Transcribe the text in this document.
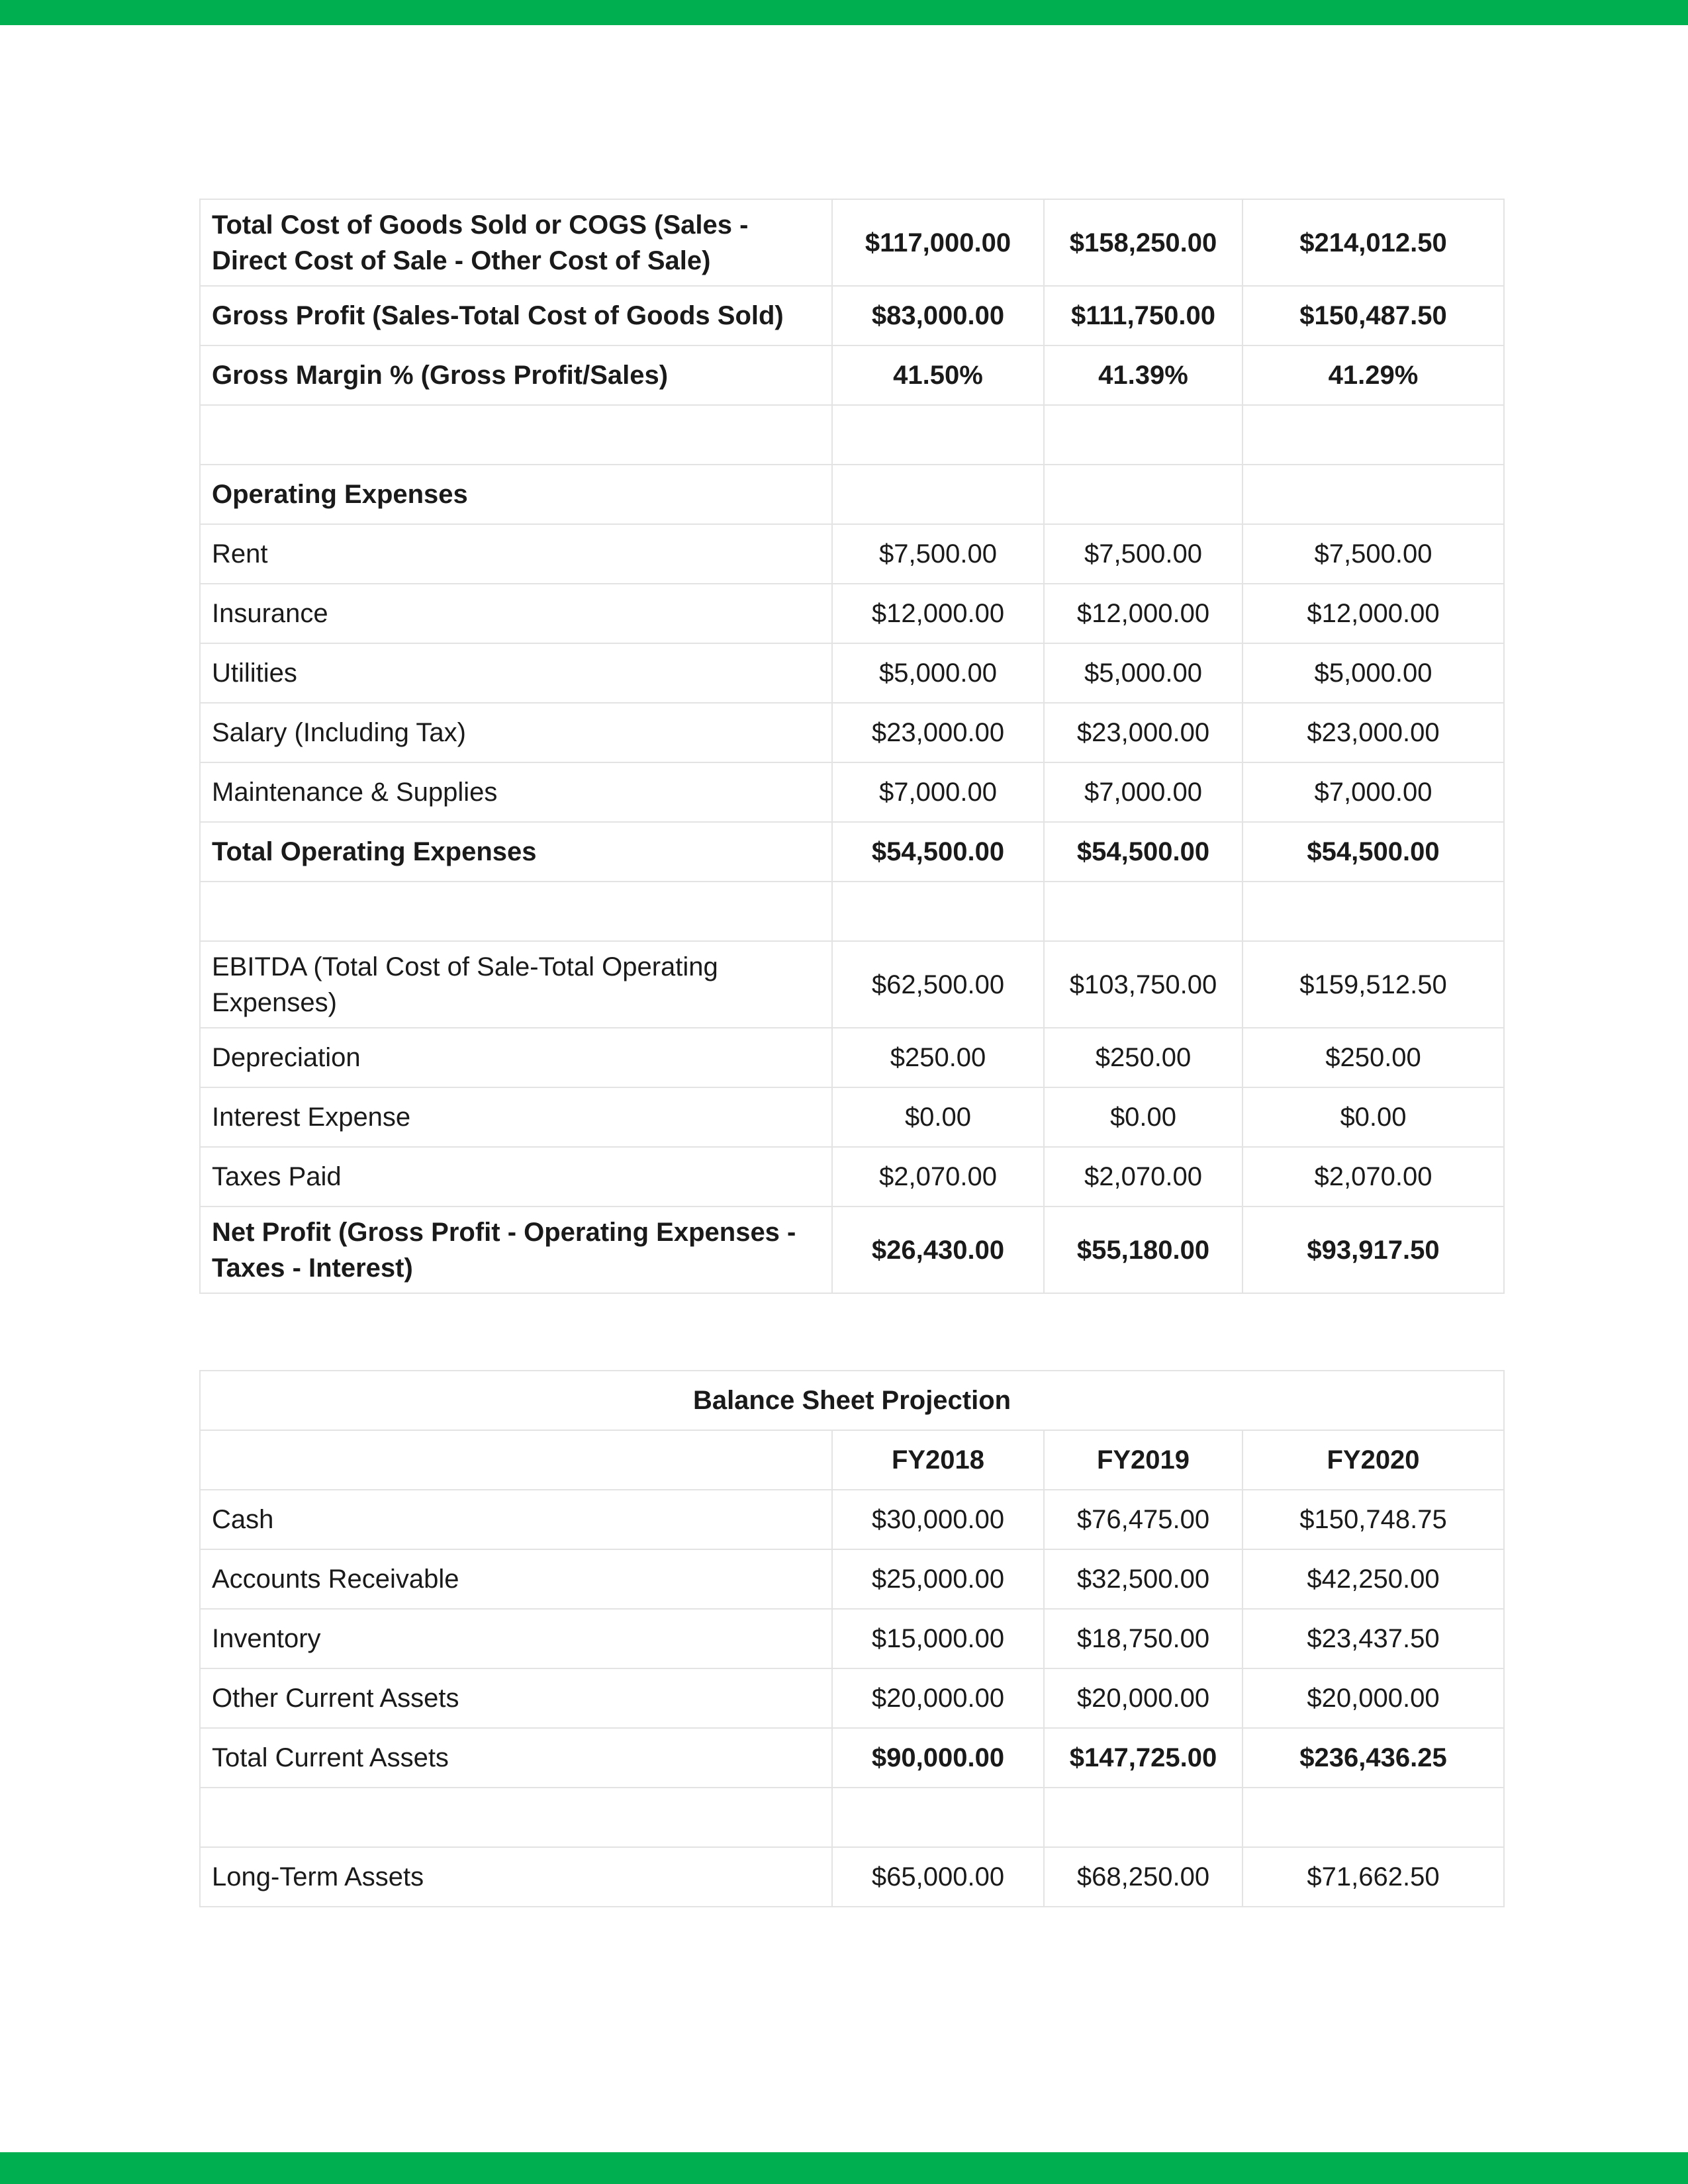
Total Cost of Goods Sold or COGS (Sales - Direct Cost of Sale - Other Cost of Sale)	$117,000.00	$158,250.00	$214,012.50
Gross Profit (Sales-Total Cost of Goods Sold)	$83,000.00	$111,750.00	$150,487.50
Gross Margin % (Gross Profit/Sales)	41.50%	41.39%	41.29%

Operating Expenses			
Rent	$7,500.00	$7,500.00	$7,500.00
Insurance	$12,000.00	$12,000.00	$12,000.00
Utilities	$5,000.00	$5,000.00	$5,000.00
Salary (Including Tax)	$23,000.00	$23,000.00	$23,000.00
Maintenance & Supplies	$7,000.00	$7,000.00	$7,000.00
Total Operating Expenses	$54,500.00	$54,500.00	$54,500.00

EBITDA (Total Cost of Sale-Total Operating Expenses)	$62,500.00	$103,750.00	$159,512.50
Depreciation	$250.00	$250.00	$250.00
Interest Expense	$0.00	$0.00	$0.00
Taxes Paid	$2,070.00	$2,070.00	$2,070.00
Net Profit (Gross Profit - Operating Expenses - Taxes - Interest)	$26,430.00	$55,180.00	$93,917.50
Balance Sheet Projection			
	FY2018	FY2019	FY2020
Cash	$30,000.00	$76,475.00	$150,748.75
Accounts Receivable	$25,000.00	$32,500.00	$42,250.00
Inventory	$15,000.00	$18,750.00	$23,437.50
Other Current Assets	$20,000.00	$20,000.00	$20,000.00
Total Current Assets	$90,000.00	$147,725.00	$236,436.25

Long-Term Assets	$65,000.00	$68,250.00	$71,662.50
